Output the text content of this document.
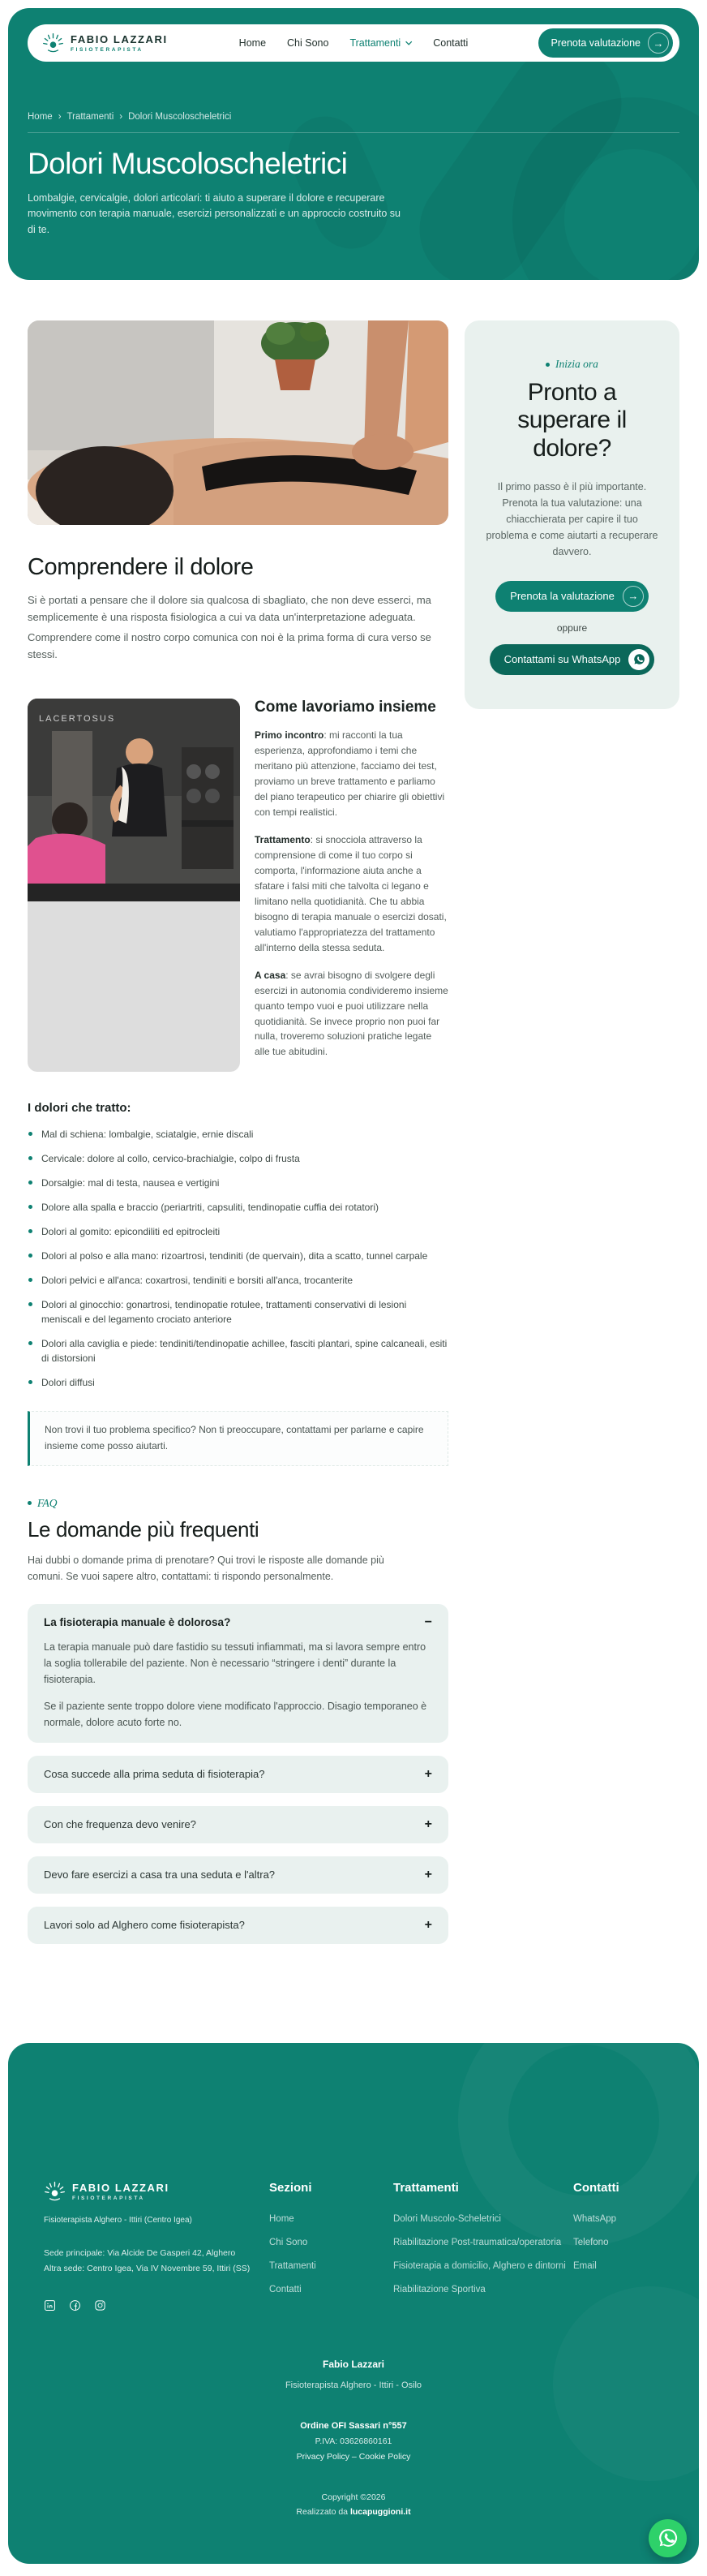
FABIO LAZZARI
FISIOTERAPISTA
Home Chi Sono Trattamenti	Contatti	Prenota valutazione	→
Home › Trattamenti › Dolori Muscoloscheletrici
Dolori Muscoloscheletrici

Lombalgie, cervicalgie, dolori articolari: ti aiuto a superare il dolore e recuperare movimento con terapia manuale, esercizi personalizzati e un approccio costruito su di te.

Comprendere il dolore

Si è portati a pensare che il dolore sia qualcosa di sbagliato, che non deve esserci, ma semplicemente è una risposta fisiologica a cui va data un'interpretazione adeguata.

Comprendere come il nostro corpo comunica con noi è la prima forma di cura verso se stessi.

LACERTOSUS
Come lavoriamo insieme

Primo incontro: mi racconti la tua esperienza, approfondiamo i temi che meritano più attenzione, facciamo dei test, proviamo un breve trattamento e parliamo del piano terapeutico per chiarire gli obiettivi con tempi realistici.

Trattamento: si snocciola attraverso la comprensione di come il tuo corpo si comporta, l'informazione aiuta anche a sfatare i falsi miti che talvolta ci legano e limitano nella quotidianità. Che tu abbia bisogno di terapia manuale o esercizi dosati, valutiamo l'appropriatezza del trattamento all'interno della stessa seduta.

A casa: se avrai bisogno di svolgere degli esercizi in autonomia condivideremo insieme quanto tempo vuoi e puoi utilizzare nella quotidianità. Se invece proprio non puoi far nulla, troveremo soluzioni pratiche legate alle tue abitudini.

I dolori che tratto:
Mal di schiena: lombalgie, sciatalgie, ernie discali
Cervicale: dolore al collo, cervico-brachialgie, colpo di frusta
Dorsalgie: mal di testa, nausea e vertigini
Dolore alla spalla e braccio (periartriti, capsuliti, tendinopatie cuffia dei rotatori)
Dolori al gomito: epicondiliti ed epitrocleiti
Dolori al polso e alla mano: rizoartrosi, tendiniti (de quervain), dita a scatto, tunnel carpale
Dolori pelvici e all'anca: coxartrosi, tendiniti e borsiti all'anca, trocanterite
Dolori al ginocchio: gonartrosi, tendinopatie rotulee, trattamenti conservativi di lesioni meniscali e del legamento crociato anteriore
Dolori alla caviglia e piede: tendiniti/tendinopatie achillee, fasciti plantari, spine calcaneali, esiti di distorsioni
Dolori diffusi
Non trovi il tuo problema specifico? Non ti preoccupare, contattami per parlarne e capire insieme come posso aiutarti.
FAQ
Le domande più frequenti

Hai dubbi o domande prima di prenotare? Qui trovi le risposte alle domande più comuni. Se vuoi sapere altro, contattami: ti rispondo personalmente.

La fisioterapia manuale è dolorosa?	−

La terapia manuale può dare fastidio su tessuti infiammati, ma si lavora sempre entro la soglia tollerabile del paziente. Non è necessario “stringere i denti” durante la fisioterapia.

Se il paziente sente troppo dolore viene modificato l'approccio. Disagio temporaneo è normale, dolore acuto forte no.

Cosa succede alla prima seduta di fisioterapia?	+
Con che frequenza devo venire?	+
Devo fare esercizi a casa tra una seduta e l'altra?	+
Lavori solo ad Alghero come fisioterapista?	+
Inizia ora
Pronto a superare il dolore?

Il primo passo è il più importante. Prenota la tua valutazione: una chiacchierata per capire il tuo problema e come aiutarti a recuperare davvero.

Prenota la valutazione	→
oppure
Contattami su WhatsApp
FABIO LAZZARI
FISIOTERAPISTA
Fisioterapista Alghero - Ittiri (Centro Igea)
Sede principale: Via Alcide De Gasperi 42, Alghero
Altra sede: Centro Igea, Via IV Novembre 59, Ittiri (SS)
Sezioni
Home
Chi Sono
Trattamenti
Contatti
Trattamenti
Dolori Muscolo-Scheletrici
Riabilitazione Post-traumatica/operatoria
Fisioterapia a domicilio, Alghero e dintorni
Riabilitazione Sportiva
Contatti
WhatsApp
Telefono
Email
Fabio Lazzari
Fisioterapista Alghero - Ittiri - Osilo
Ordine OFI Sassari n°557
P.IVA: 03626860161
Privacy Policy – Cookie Policy
Copyright ©2026
Realizzato da lucapuggioni.it
